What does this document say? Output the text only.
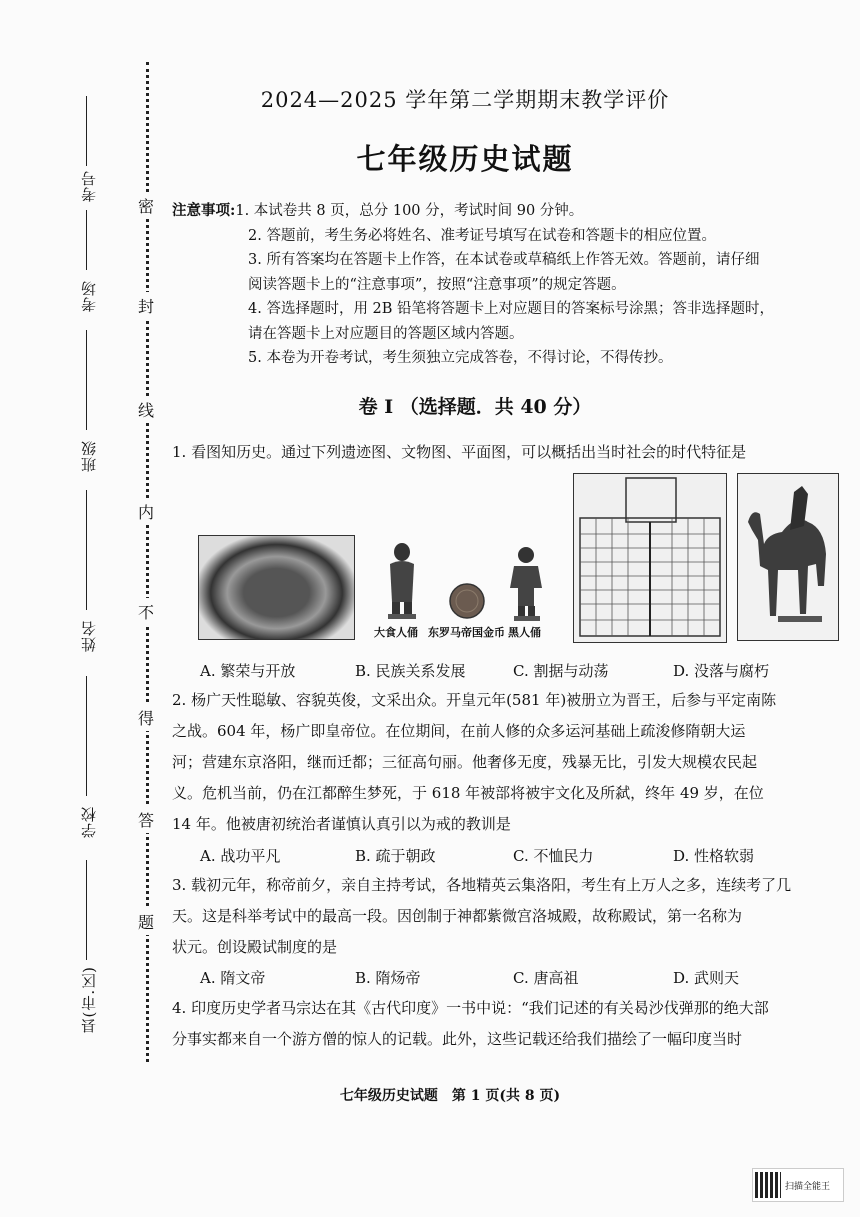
考号
考场
班级
姓名
学校
县(市.区)
密
封
线
内
不
得
答
题
2024—2025 学年第二学期期末教学评价
七年级历史试题
注意事项:1. 本试卷共 8 页，总分 100 分，考试时间 90 分钟。
2. 答题前，考生务必将姓名、准考证号填写在试卷和答题卡的相应位置。
3. 所有答案均在答题卡上作答，在本试卷或草稿纸上作答无效。答题前，请仔细
阅读答题卡上的“注意事项”，按照“注意事项”的规定答题。
4. 答选择题时，用 2B 铅笔将答题卡上对应题目的答案标号涂黑；答非选择题时，
请在答题卡上对应题目的答题区域内答题。
5. 本卷为开卷考试，考生须独立完成答卷，不得讨论，不得传抄。
卷 I （选择题．共 40 分）
1. 看图知历史。通过下列遗迹图、文物图、平面图，可以概括出当时社会的时代特征是
大食人俑 东罗马帝国金币 黑人俑
A. 繁荣与开放	B. 民族关系发展	C. 割据与动荡	D. 没落与腐朽
2. 杨广天性聪敏、容貌英俊，文采出众。开皇元年(581 年)被册立为晋王，后参与平定南陈
之战。604 年，杨广即皇帝位。在位期间，在前人修的众多运河基础上疏浚修隋朝大运
河；营建东京洛阳，继而迁都；三征高句丽。他奢侈无度，残暴无比，引发大规模农民起
义。危机当前，仍在江都醉生梦死，于 618 年被部将被宇文化及所弑，终年 49 岁，在位
14 年。他被唐初统治者谨慎认真引以为戒的教训是
A. 战功平凡	B. 疏于朝政	C. 不恤民力	D. 性格软弱
3. 载初元年，称帝前夕，亲自主持考试，各地精英云集洛阳，考生有上万人之多，连续考了几
天。这是科举考试中的最高一段。因创制于神都紫微宫洛城殿，故称殿试，第一名称为
状元。创设殿试制度的是
A. 隋文帝	B. 隋炀帝	C. 唐高祖	D. 武则天
4. 印度历史学者马宗达在其《古代印度》一书中说：“我们记述的有关曷沙伐弹那的绝大部
分事实都来自一个游方僧的惊人的记载。此外，这些记载还给我们描绘了一幅印度当时
七年级历史试题　第 1 页(共 8 页)
扫描全能王
